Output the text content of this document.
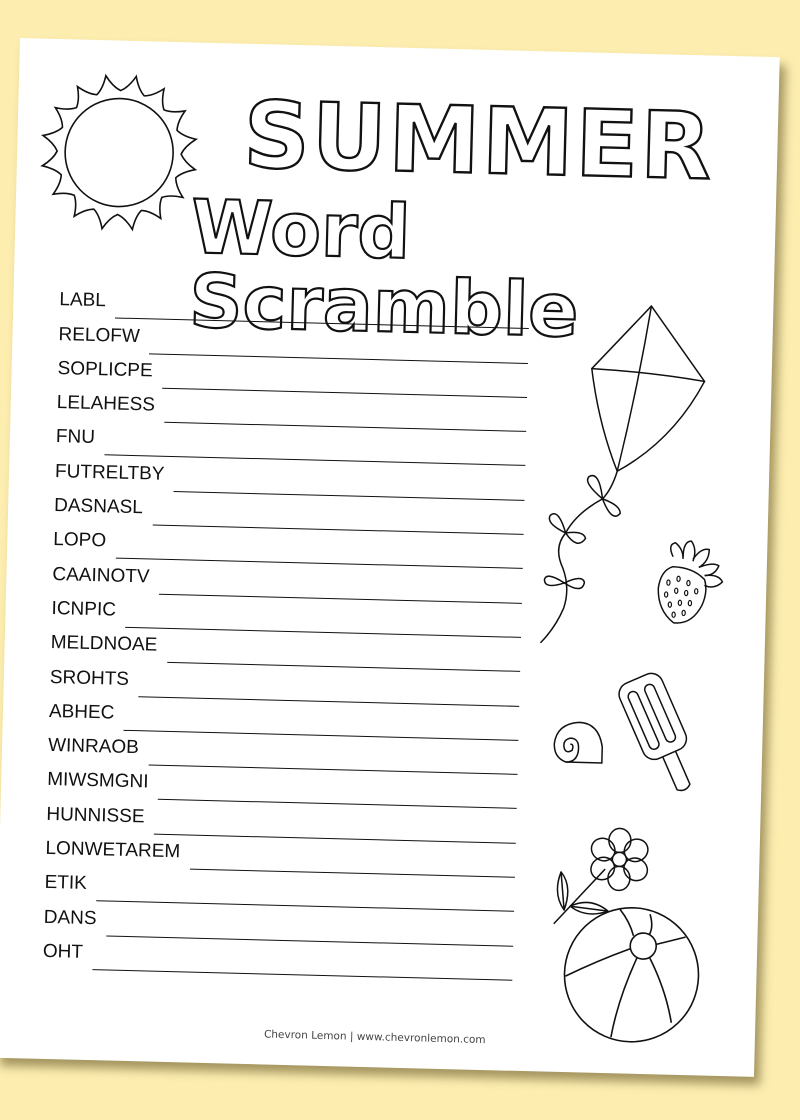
SUMMER
Word Scramble
LABL
RELOFW
SOPLICPE
LELAHESS
FNU
FUTRELTBY
DASNASL
LOPO
CAAINOTV
ICNPIC
MELDNOAE
SROHTS
ABHEC
WINRAOB
MIWSMGNI
HUNNISSE
LONWETAREM
ETIK
DANS
OHT
Chevron Lemon | www.chevronlemon.com
